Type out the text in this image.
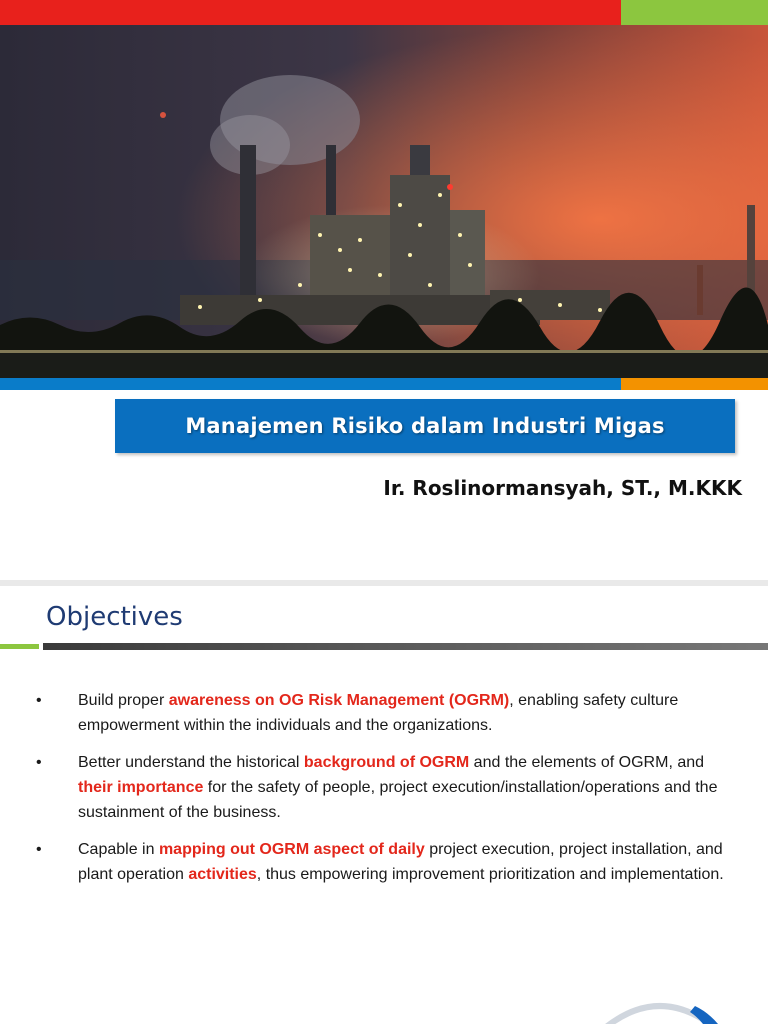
Manajemen Risiko dalam Industri Migas
Ir. Roslinormansyah, ST., M.KKK
Objectives
• Build proper awareness on OG Risk Management (OGRM), enabling safety culture empowerment within the individuals and the organizations.
• Better understand the historical background of OGRM and the elements of OGRM, and their importance for the safety of people, project execution/installation/operations and the sustainment of the business.
• Capable in mapping out OGRM aspect of daily project execution, project installation, and plant operation activities, thus empowering improvement prioritization and implementation.
